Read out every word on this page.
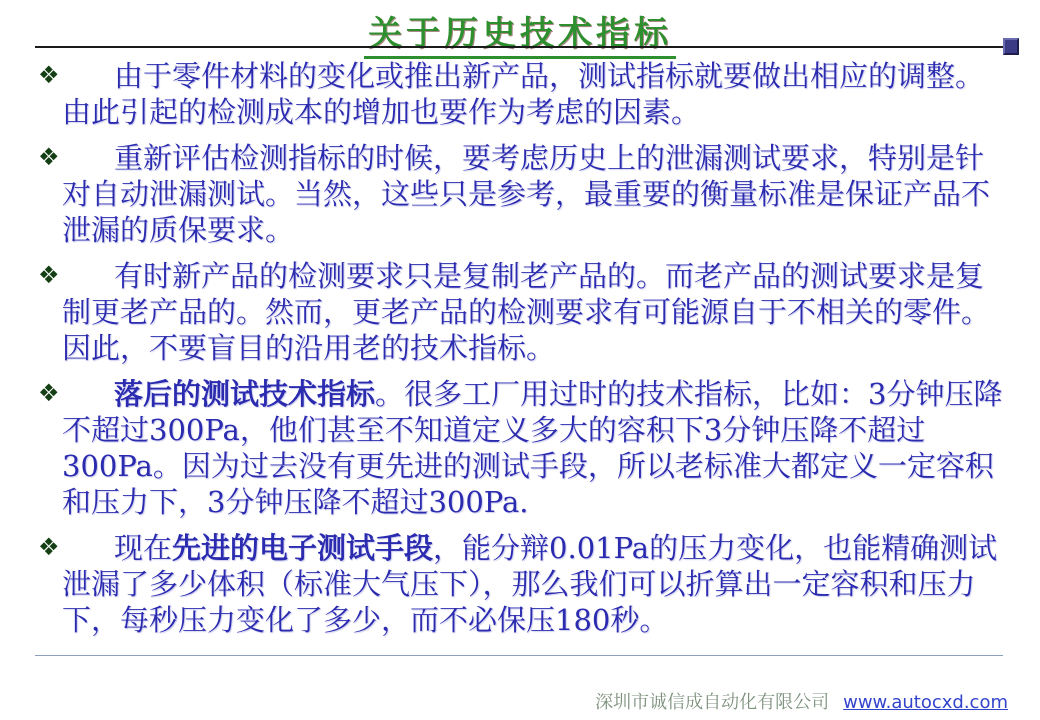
关于历史技术指标
❖ 由于零件材料的变化或推出新产品，测试指标就要做出相应的调整。由此引起的检测成本的增加也要作为考虑的因素。
❖ 重新评估检测指标的时候，要考虑历史上的泄漏测试要求，特别是针对自动泄漏测试。当然，这些只是参考，最重要的衡量标准是保证产品不泄漏的质保要求。
❖ 有时新产品的检测要求只是复制老产品的。而老产品的测试要求是复制更老产品的。然而，更老产品的检测要求有可能源自于不相关的零件。因此，不要盲目的沿用老的技术指标。
❖ 落后的测试技术指标。很多工厂用过时的技术指标，比如：3分钟压降不超过300Pa，他们甚至不知道定义多大的容积下3分钟压降不超过300Pa。因为过去没有更先进的测试手段，所以老标准大都定义一定容积和压力下，3分钟压降不超过300Pa.
❖ 现在先进的电子测试手段，能分辩0.01Pa的压力变化，也能精确测试泄漏了多少体积（标准大气压下），那么我们可以折算出一定容积和压力下，每秒压力变化了多少，而不必保压180秒。
深圳市诚信成自动化有限公司 www.autocxd.com
